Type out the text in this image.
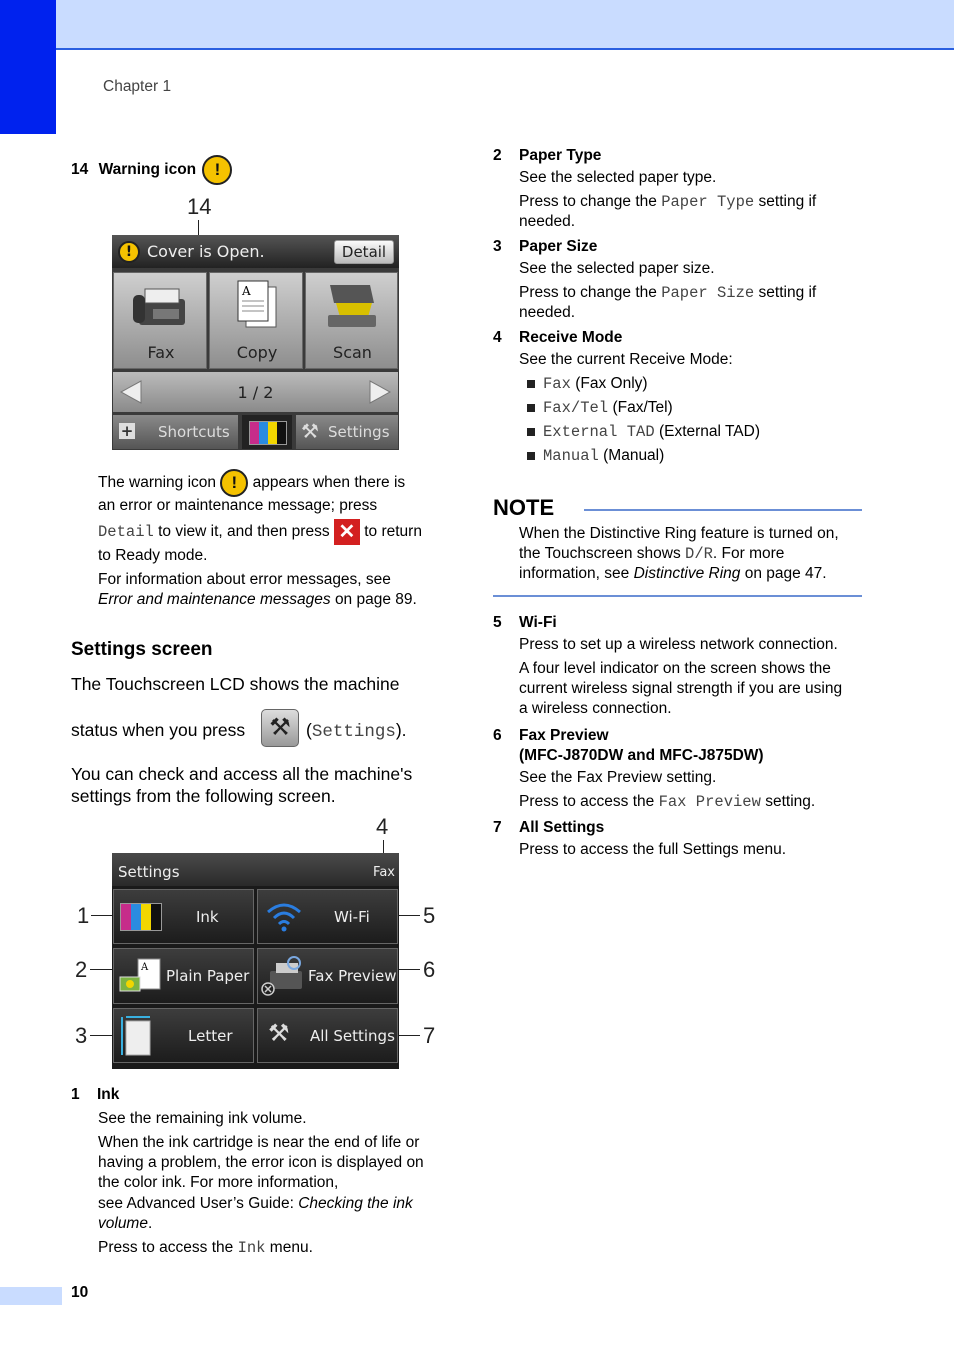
Chapter 1
14 Warning icon !
14
! Cover is Open.	Detail
Fax
A
Copy	Scan
1 / 2
+ Shortcuts	⚒ Settings
The warning icon ! appears when there is
an error or maintenance message; press
Detail to view it, and then press ✕ to return
to Ready mode.
For information about error messages, see
Error and maintenance messages on page 89.
Settings screen
The Touchscreen LCD shows the machine
status when you press	⚒ (Settings).
You can check and access all the machine's
settings from the following screen.
4
1
2
3
5
6
7
Settings	Fax
Ink	Wi-Fi
A Plain Paper	Fax Preview
Letter ⚒ All Settings
1 Ink
See the remaining ink volume.
When the ink cartridge is near the end of life or
having a problem, the error icon is displayed on
the color ink. For more information,
see Advanced User’s Guide: Checking the ink
volume.
Press to access the Ink menu.
10
2 Paper Type
See the selected paper type.
Press to change the Paper Type setting if
needed.
3 Paper Size
See the selected paper size.
Press to change the Paper Size setting if
needed.
4 Receive Mode
See the current Receive Mode:
Fax (Fax Only)
Fax/Tel (Fax/Tel)
External TAD (External TAD)
Manual (Manual)
NOTE
When the Distinctive Ring feature is turned on,
the Touchscreen shows D/R. For more
information, see Distinctive Ring on page 47.
5 Wi-Fi
Press to set up a wireless network connection.
A four level indicator on the screen shows the
current wireless signal strength if you are using
a wireless connection.
6 Fax Preview
(MFC-J870DW and MFC-J875DW)
See the Fax Preview setting.
Press to access the Fax Preview setting.
7 All Settings
Press to access the full Settings menu.
